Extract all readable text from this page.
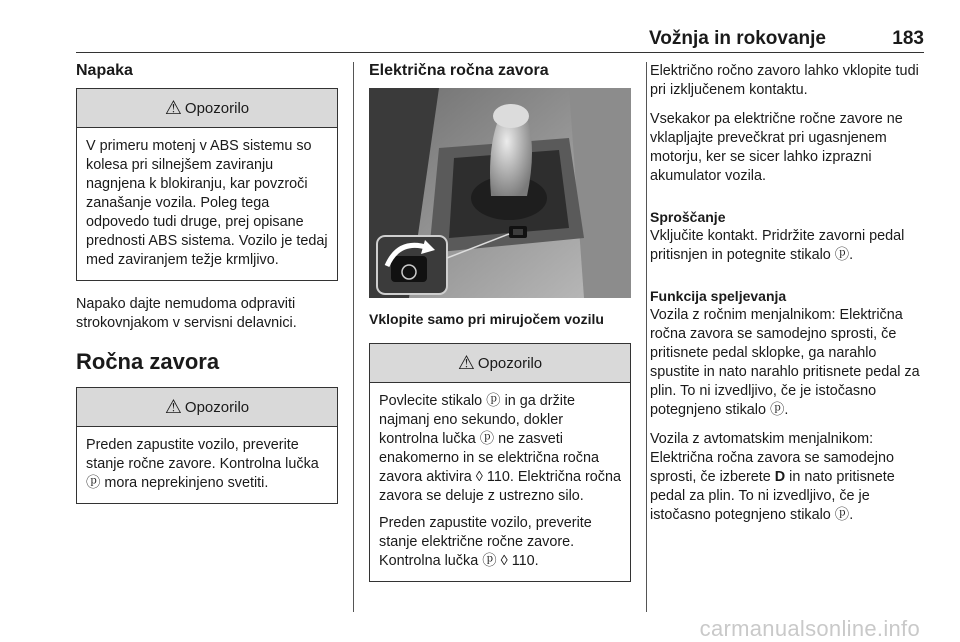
Vožnja in rokovanje	183
Napaka
⚠ Opozorilo

V primeru motenj v ABS sistemu so kolesa pri silnejšem zaviranju nagnjena k blokiranju, kar povzroči zanašanje vozila. Poleg tega odpovedo tudi druge, prej opisane prednosti ABS sistema. Vozilo je tedaj med zaviranjem težje krmljivo.

Napako dajte nemudoma odpraviti strokovnjakom v servisni delavnici.

Ročna zavora
⚠ Opozorilo

Preden zapustite vozilo, preverite stanje ročne zavore. Kontrolna lučka ⓟ mora neprekinjeno svetiti.

Električna ročna zavora

Vklopite samo pri mirujočem vozilu

⚠ Opozorilo

Povlecite stikalo ⓟ in ga držite najmanj eno sekundo, dokler kontrolna lučka ⓟ ne zasveti enakomerno in se električna ročna zavora aktivira ◊ 110. Električna ročna zavora se deluje z ustrezno silo.

Preden zapustite vozilo, preverite stanje električne ročne zavore. Kontrolna lučka ⓟ ◊ 110.

Električno ročno zavoro lahko vklopite tudi pri izključenem kontaktu.

Vsekakor pa električne ročne zavore ne vklapljajte prevečkrat pri ugasnjenem motorju, ker se sicer lahko izprazni akumulator vozila.

Sproščanje

Vključite kontakt. Pridržite zavorni pedal pritisnjen in potegnite stikalo ⓟ.

Funkcija speljevanja

Vozila z ročnim menjalnikom: Električna ročna zavora se samodejno sprosti, če pritisnete pedal sklopke, ga narahlo spustite in nato narahlo pritisnete pedal za plin. To ni izvedljivo, če je istočasno potegnjeno stikalo ⓟ.

Vozila z avtomatskim menjalnikom: Električna ročna zavora se samodejno sprosti, če izberete D in nato pritisnete pedal za plin. To ni izvedljivo, če je istočasno potegnjeno stikalo ⓟ.

carmanualsonline.info
